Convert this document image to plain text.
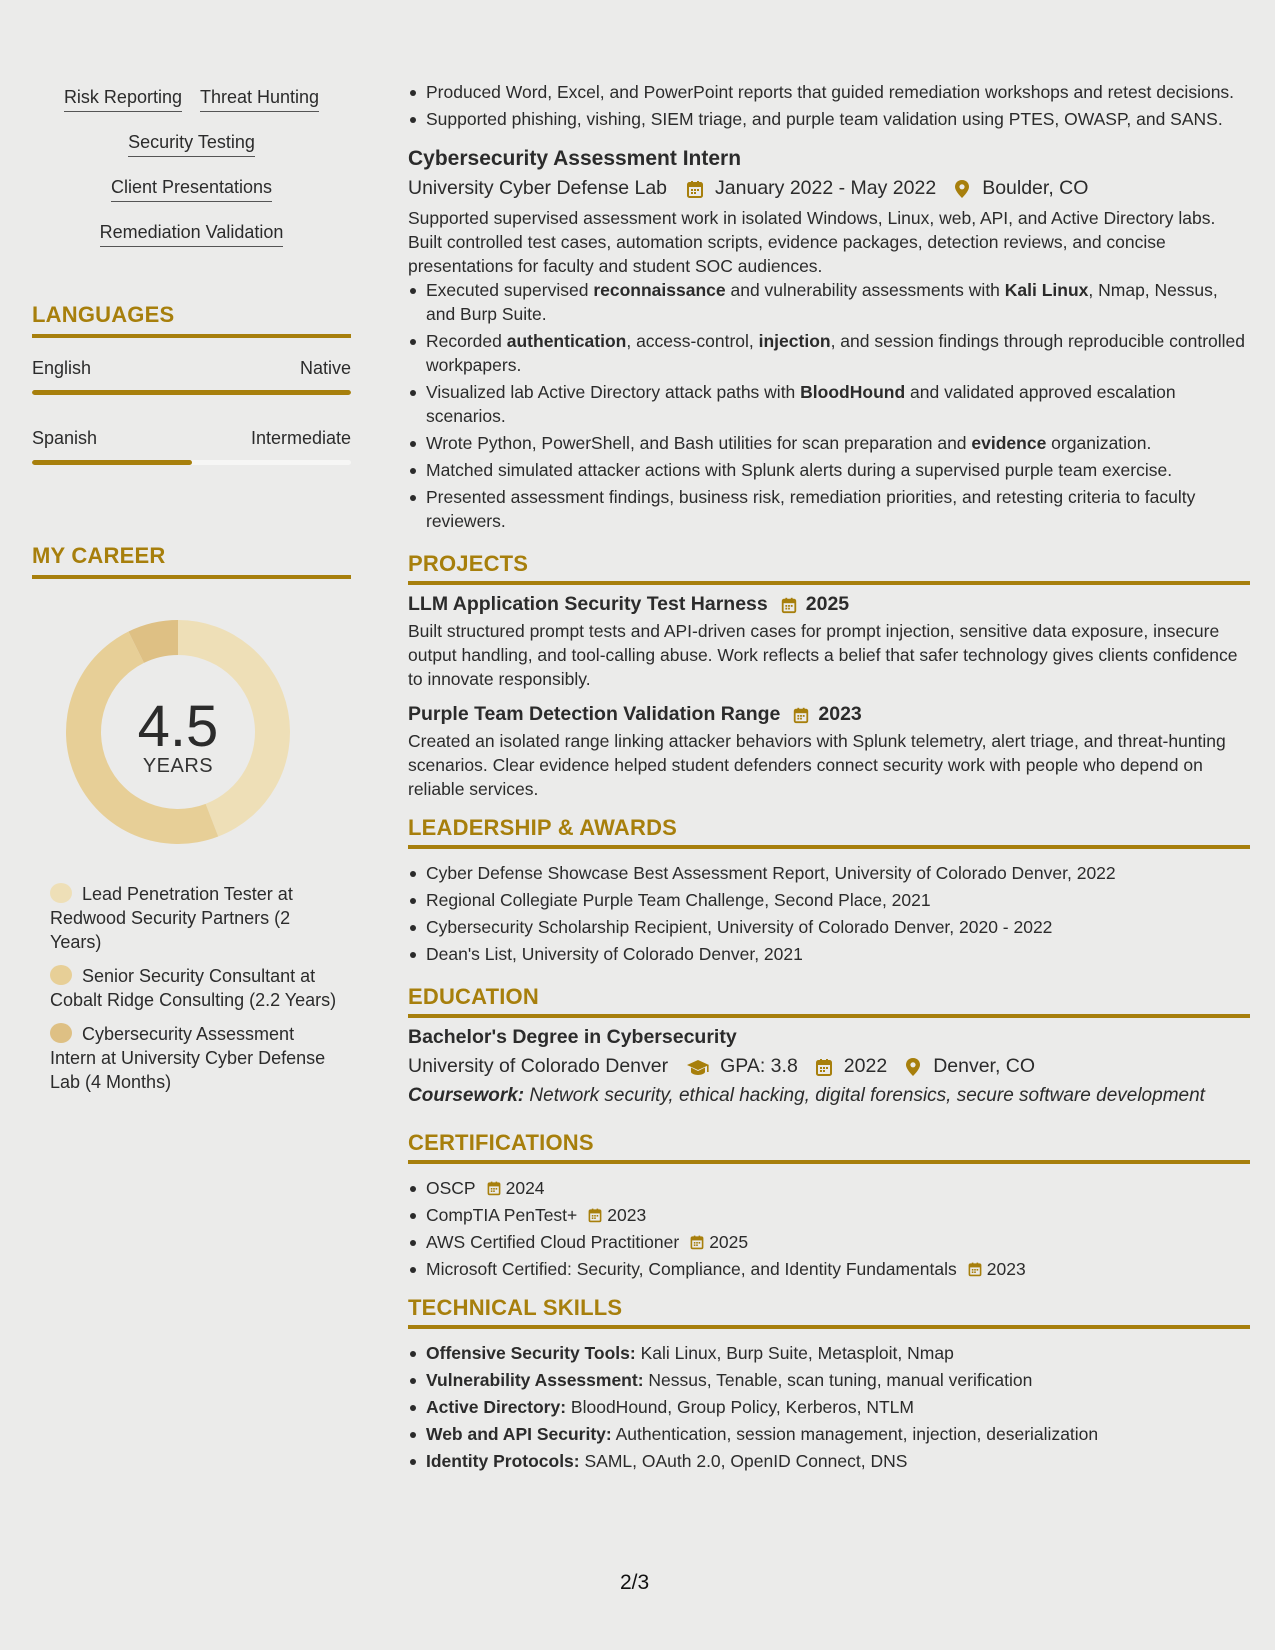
Risk Reporting Threat Hunting
Security Testing
Client Presentations
Remediation Validation
LANGUAGES
English	Native
Spanish	Intermediate
MY CAREER
4.5
YEARS
Lead Penetration Tester at Redwood Security Partners (2 Years)
Senior Security Consultant at Cobalt Ridge Consulting (2.2 Years)
Cybersecurity Assessment Intern at University Cyber Defense Lab (4 Months)
Produced Word, Excel, and PowerPoint reports that guided remediation workshops and retest decisions.
Supported phishing, vishing, SIEM triage, and purple team validation using PTES, OWASP, and SANS.
Cybersecurity Assessment Intern
University Cyber Defense Lab January 2022 - May 2022 Boulder, CO
Supported supervised assessment work in isolated Windows, Linux, web, API, and Active Directory labs. Built controlled test cases, automation scripts, evidence packages, detection reviews, and concise presentations for faculty and student SOC audiences.
Executed supervised reconnaissance and vulnerability assessments with Kali Linux, Nmap, Nessus, and Burp Suite.
Recorded authentication, access-control, injection, and session findings through reproducible controlled workpapers.
Visualized lab Active Directory attack paths with BloodHound and validated approved escalation scenarios.
Wrote Python, PowerShell, and Bash utilities for scan preparation and evidence organization.
Matched simulated attacker actions with Splunk alerts during a supervised purple team exercise.
Presented assessment findings, business risk, remediation priorities, and retesting criteria to faculty reviewers.
PROJECTS
LLM Application Security Test Harness 2025
Built structured prompt tests and API-driven cases for prompt injection, sensitive data exposure, insecure output handling, and tool-calling abuse. Work reflects a belief that safer technology gives clients confidence to innovate responsibly.
Purple Team Detection Validation Range 2023
Created an isolated range linking attacker behaviors with Splunk telemetry, alert triage, and threat-hunting scenarios. Clear evidence helped student defenders connect security work with people who depend on reliable services.
LEADERSHIP & AWARDS
Cyber Defense Showcase Best Assessment Report, University of Colorado Denver, 2022
Regional Collegiate Purple Team Challenge, Second Place, 2021
Cybersecurity Scholarship Recipient, University of Colorado Denver, 2020 - 2022
Dean's List, University of Colorado Denver, 2021
EDUCATION
Bachelor's Degree in Cybersecurity
University of Colorado Denver	GPA: 3.8 2022 Denver, CO
Coursework: Network security, ethical hacking, digital forensics, secure software development
CERTIFICATIONS
OSCP 2024
CompTIA PenTest+ 2023
AWS Certified Cloud Practitioner 2025
Microsoft Certified: Security, Compliance, and Identity Fundamentals 2023
TECHNICAL SKILLS
Offensive Security Tools: Kali Linux, Burp Suite, Metasploit, Nmap
Vulnerability Assessment: Nessus, Tenable, scan tuning, manual verification
Active Directory: BloodHound, Group Policy, Kerberos, NTLM
Web and API Security: Authentication, session management, injection, deserialization
Identity Protocols: SAML, OAuth 2.0, OpenID Connect, DNS
2/3
